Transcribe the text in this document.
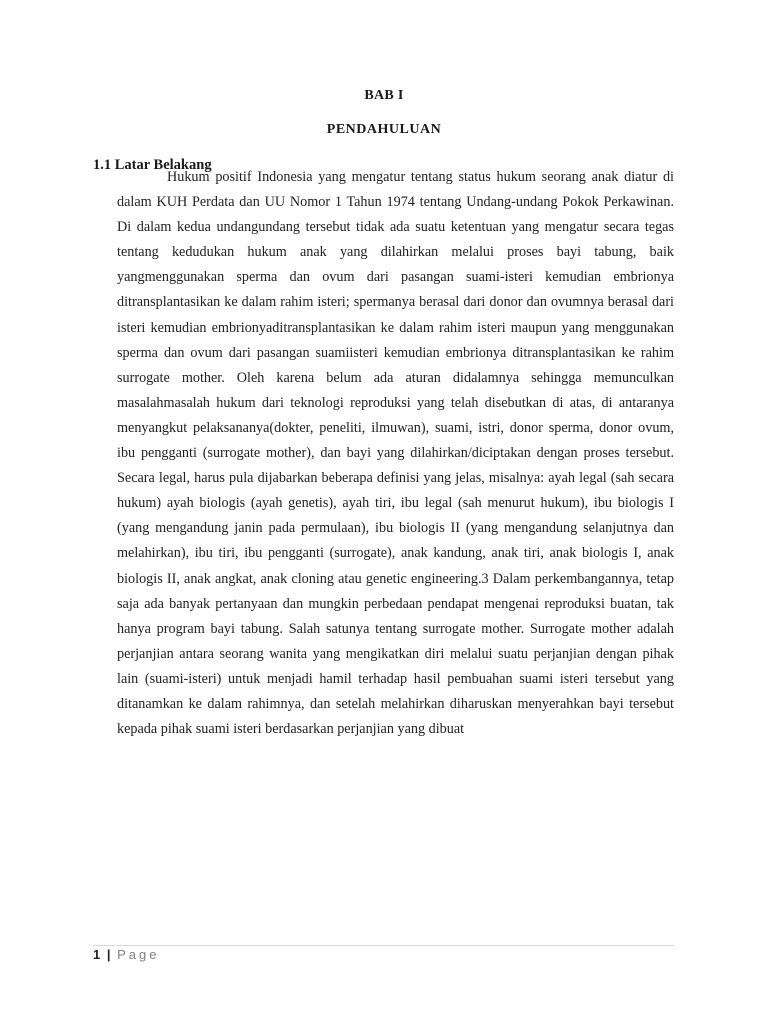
BAB I
PENDAHULUAN
1.1 Latar Belakang

Hukum positif Indonesia yang mengatur tentang status hukum seorang anak diatur di dalam KUH Perdata dan UU Nomor 1 Tahun 1974 tentang Undang-undang Pokok Perkawinan. Di dalam kedua undangundang tersebut tidak ada suatu ketentuan yang mengatur secara tegas tentang kedudukan hukum anak yang dilahirkan melalui proses bayi tabung, baik yangmenggunakan sperma dan ovum dari pasangan suami-isteri kemudian embrionya ditransplantasikan ke dalam rahim isteri; spermanya berasal dari donor dan ovumnya berasal dari isteri kemudian embrionyaditransplantasikan ke dalam rahim isteri maupun yang menggunakan sperma dan ovum dari pasangan suamiisteri kemudian embrionya ditransplantasikan ke rahim surrogate mother. Oleh karena belum ada aturan didalamnya sehingga memunculkan masalahmasalah hukum dari teknologi reproduksi yang telah disebutkan di atas, di antaranya menyangkut pelaksananya(dokter, peneliti, ilmuwan), suami, istri, donor sperma, donor ovum, ibu pengganti (surrogate mother), dan bayi yang dilahirkan/diciptakan dengan proses tersebut. Secara legal, harus pula dijabarkan beberapa definisi yang jelas, misalnya: ayah legal (sah secara hukum) ayah biologis (ayah genetis), ayah tiri, ibu legal (sah menurut hukum), ibu biologis I (yang mengandung janin pada permulaan), ibu biologis II (yang mengandung selanjutnya dan melahirkan), ibu tiri, ibu pengganti (surrogate), anak kandung, anak tiri, anak biologis I, anak biologis II, anak angkat, anak cloning atau genetic engineering.3 Dalam perkembangannya, tetap saja ada banyak pertanyaan dan mungkin perbedaan pendapat mengenai reproduksi buatan, tak hanya program bayi tabung. Salah satunya tentang surrogate mother. Surrogate mother adalah perjanjian antara seorang wanita yang mengikatkan diri melalui suatu perjanjian dengan pihak lain (suami-isteri) untuk menjadi hamil terhadap hasil pembuahan suami isteri tersebut yang ditanamkan ke dalam rahimnya, dan setelah melahirkan diharuskan menyerahkan bayi tersebut kepada pihak suami isteri berdasarkan perjanjian yang dibuat

1 | Page
